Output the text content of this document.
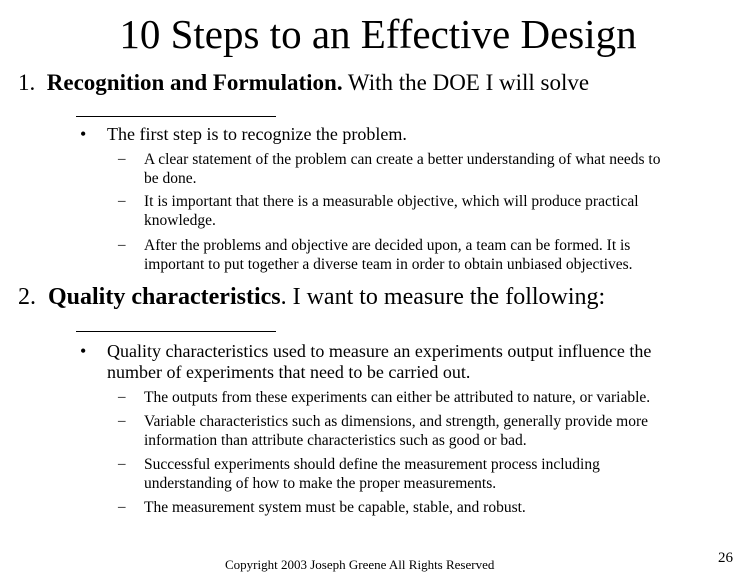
10 Steps to an Effective Design
1. Recognition and Formulation. With the DOE I will solve
• The first step is to recognize the problem.
– A clear statement of the problem can create a better understanding of what needs to
be done.
– It is important that there is a measurable objective, which will produce practical
knowledge.
– After the problems and objective are decided upon, a team can be formed. It is
important to put together a diverse team in order to obtain unbiased objectives.
2. Quality characteristics. I want to measure the following:
• Quality characteristics used to measure an experiments output influence the
number of experiments that need to be carried out.
– The outputs from these experiments can either be attributed to nature, or variable.
– Variable characteristics such as dimensions, and strength, generally provide more
information than attribute characteristics such as good or bad.
– Successful experiments should define the measurement process including
understanding of how to make the proper measurements.
– The measurement system must be capable, stable, and robust.
Copyright 2003 Joseph Greene All Rights Reserved	26
